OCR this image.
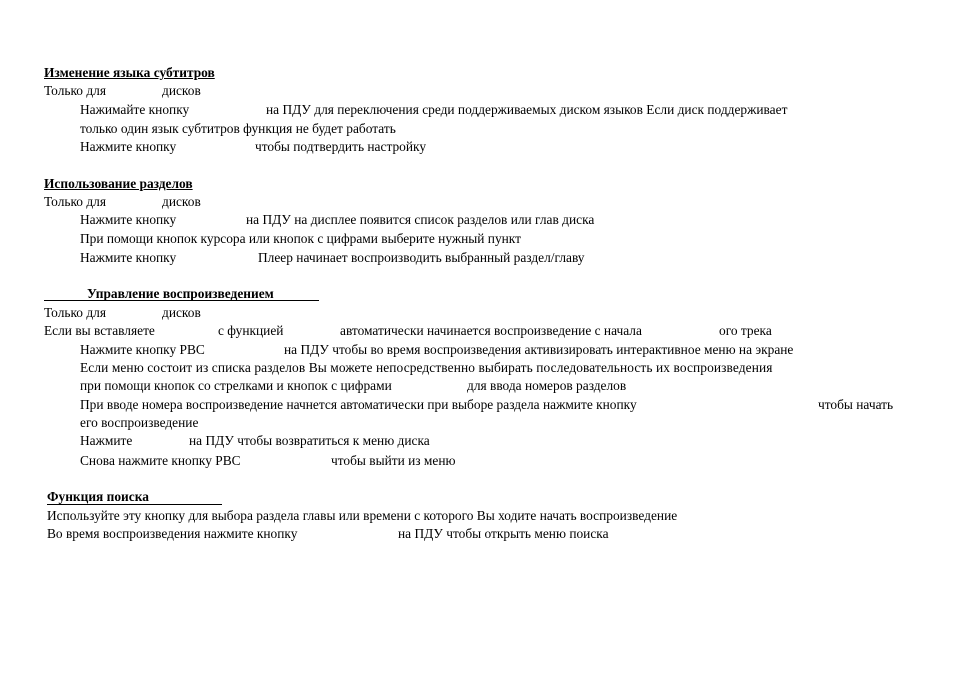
Изменение языка субтитров
Только для	дисков
Нажимайте кнопку	на ПДУ для переключения среди поддерживаемых диском языков Если диск поддерживает
только один язык субтитров функция не будет работать
Нажмите кнопку	чтобы подтвердить настройку
Использование разделов
Только для	дисков
Нажмите кнопку	на ПДУ на дисплее появится список разделов или глав диска
При помощи кнопок курсора или кнопок с цифрами выберите нужный пункт
Нажмите кнопку	Плеер начинает воспроизводить выбранный раздел/главу
Управление воспроизведением
Только для	дисков
Если вы вставляете	с функцией	автоматически начинается воспроизведение с начала	ого трека
Нажмите кнопку PBC	на ПДУ чтобы во время воспроизведения активизировать интерактивное меню на экране
Если меню состоит из списка разделов Вы можете непосредственно выбирать последовательность их воспроизведения
при помощи кнопок со стрелками и кнопок с цифрами	для ввода номеров разделов
При вводе номера воспроизведение начнется автоматически при выборе раздела нажмите кнопку	чтобы начать
его воспроизведение
Нажмите	на ПДУ чтобы возвратиться к меню диска
Снова нажмите кнопку PBC	чтобы выйти из меню
Функция поиска
Используйте эту кнопку для выбора раздела главы или времени с которого Вы ходите начать воспроизведение
Во время воспроизведения нажмите кнопку	на ПДУ чтобы открыть меню поиска
